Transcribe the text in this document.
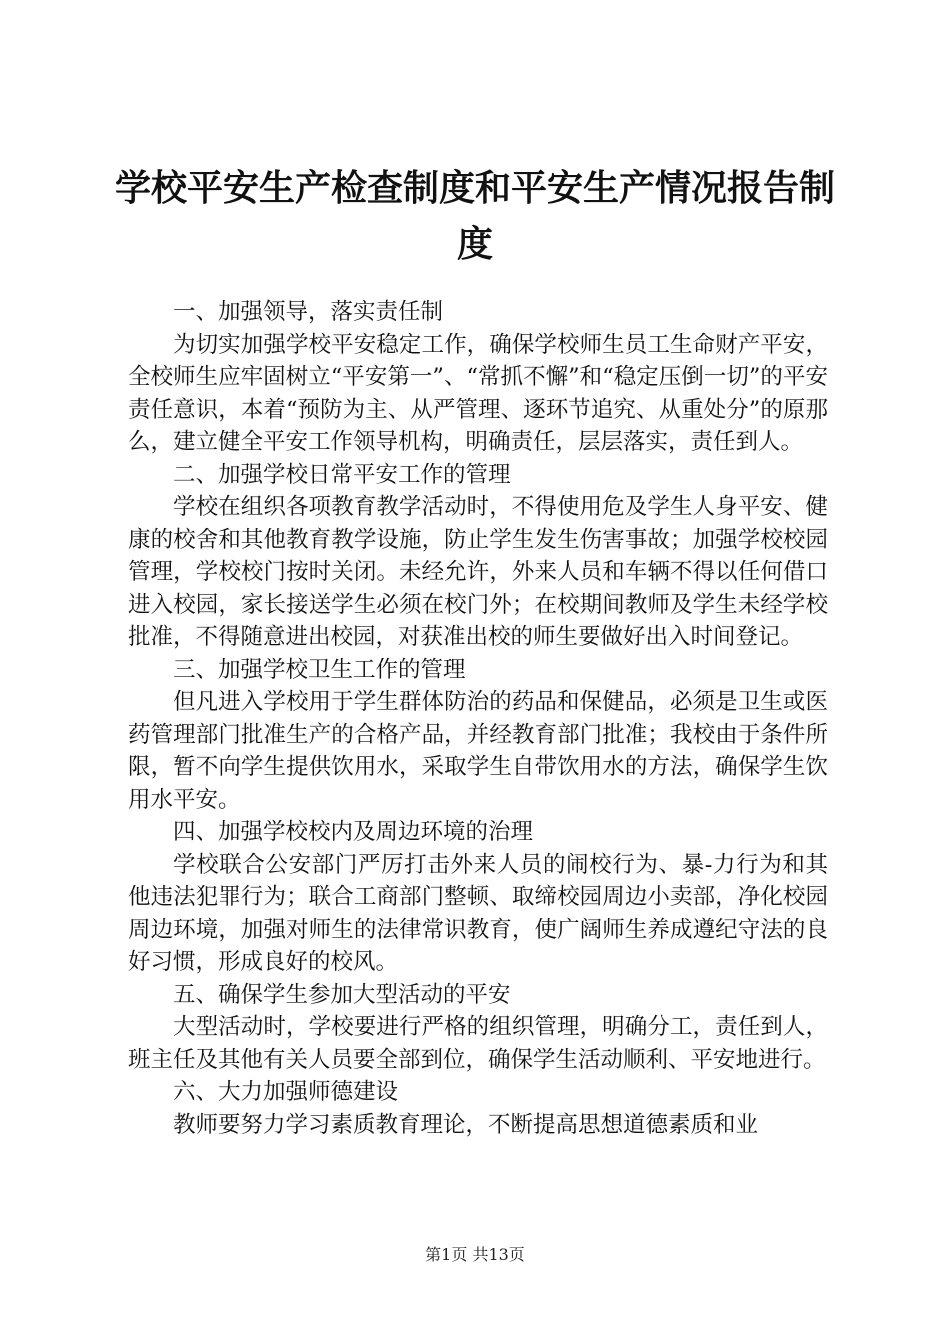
学校平安生产检查制度和平安生产情况报告制度

一、加强领导，落实责任制

为切实加强学校平安稳定工作，确保学校师生员工生命财产平安，全校师生应牢固树立“平安第一”、“常抓不懈”和“稳定压倒一切”的平安责任意识，本着“预防为主、从严管理、逐环节追究、从重处分”的原那么，建立健全平安工作领导机构，明确责任，层层落实，责任到人。

二、加强学校日常平安工作的管理

学校在组织各项教育教学活动时，不得使用危及学生人身平安、健康的校舍和其他教育教学设施，防止学生发生伤害事故；加强学校校园管理，学校校门按时关闭。未经允许，外来人员和车辆不得以任何借口进入校园，家长接送学生必须在校门外；在校期间教师及学生未经学校批准，不得随意进出校园，对获准出校的师生要做好出入时间登记。

三、加强学校卫生工作的管理

但凡进入学校用于学生群体防治的药品和保健品，必须是卫生或医药管理部门批准生产的合格产品，并经教育部门批准；我校由于条件所限，暂不向学生提供饮用水，采取学生自带饮用水的方法，确保学生饮用水平安。

四、加强学校校内及周边环境的治理

学校联合公安部门严厉打击外来人员的闹校行为、暴-力行为和其他违法犯罪行为；联合工商部门整顿、取缔校园周边小卖部，净化校园周边环境，加强对师生的法律常识教育，使广阔师生养成遵纪守法的良好习惯，形成良好的校风。

五、确保学生参加大型活动的平安

大型活动时，学校要进行严格的组织管理，明确分工，责任到人，班主任及其他有关人员要全部到位，确保学生活动顺利、平安地进行。

六、大力加强师德建设

教师要努力学习素质教育理论，不断提高思想道德素质和业

第1页 共13页
